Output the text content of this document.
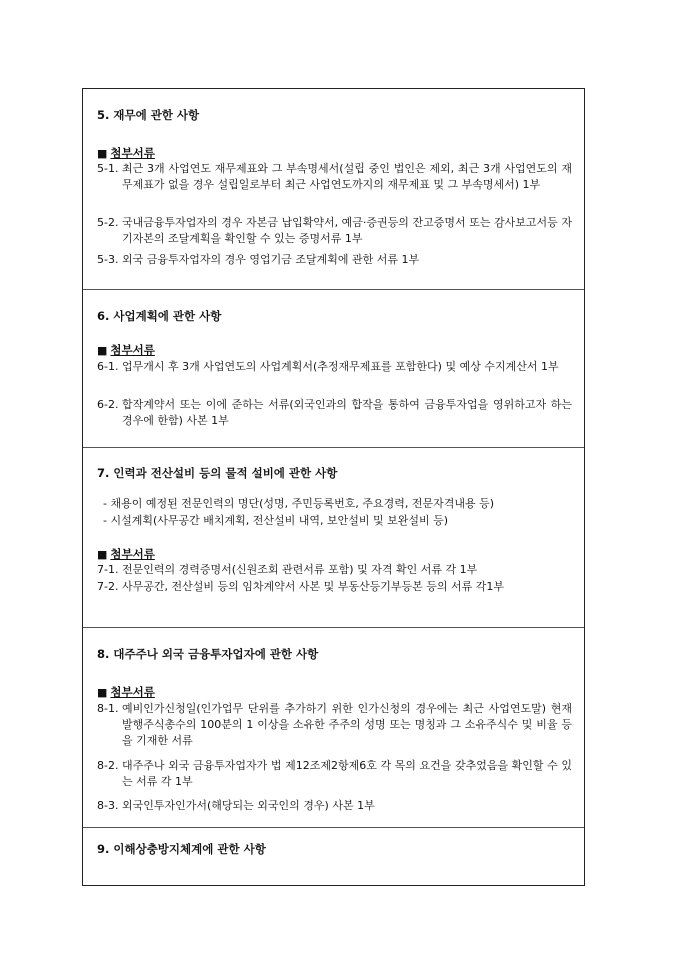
5. 재무에 관한 사항
■ 첨부서류
5-1. 최근 3개 사업연도 재무제표와 그 부속명세서(설립 중인 법인은 제외, 최근 3개 사업연도의 재무제표가 없을 경우 설립일로부터 최근 사업연도까지의 재무제표 및 그 부속명세서) 1부
5-2. 국내금융투자업자의 경우 자본금 납입확약서, 예금·증권등의 잔고증명서 또는 감사보고서등 자기자본의 조달계획을 확인할 수 있는 증명서류 1부
5-3. 외국 금융투자업자의 경우 영업기금 조달계획에 관한 서류 1부
6. 사업계획에 관한 사항
■ 첨부서류
6-1. 업무개시 후 3개 사업연도의 사업계획서(추정재무제표를 포함한다) 및 예상 수지계산서 1부
6-2. 합작계약서 또는 이에 준하는 서류(외국인과의 합작을 통하여 금융투자업을 영위하고자 하는 경우에 한함) 사본 1부
7. 인력과 전산설비 등의 물적 설비에 관한 사항
- 채용이 예정된 전문인력의 명단(성명, 주민등록번호, 주요경력, 전문자격내용 등)
- 시설계획(사무공간 배치계획, 전산설비 내역, 보안설비 및 보완설비 등)
■ 첨부서류
7-1. 전문인력의 경력증명서(신원조회 관련서류 포함) 및 자격 확인 서류 각 1부
7-2. 사무공간, 전산설비 등의 임차계약서 사본 및 부동산등기부등본 등의 서류 각1부
8. 대주주나 외국 금융투자업자에 관한 사항
■ 첨부서류
8-1. 예비인가신청일(인가업무 단위를 추가하기 위한 인가신청의 경우에는 최근 사업연도말) 현재 발행주식총수의 100분의 1 이상을 소유한 주주의 성명 또는 명칭과 그 소유주식수 및 비율 등을 기재한 서류
8-2. 대주주나 외국 금융투자업자가 법 제12조제2항제6호 각 목의 요건을 갖추었음을 확인할 수 있는 서류 각 1부
8-3. 외국인투자인가서(해당되는 외국인의 경우) 사본 1부
9. 이해상충방지체계에 관한 사항
